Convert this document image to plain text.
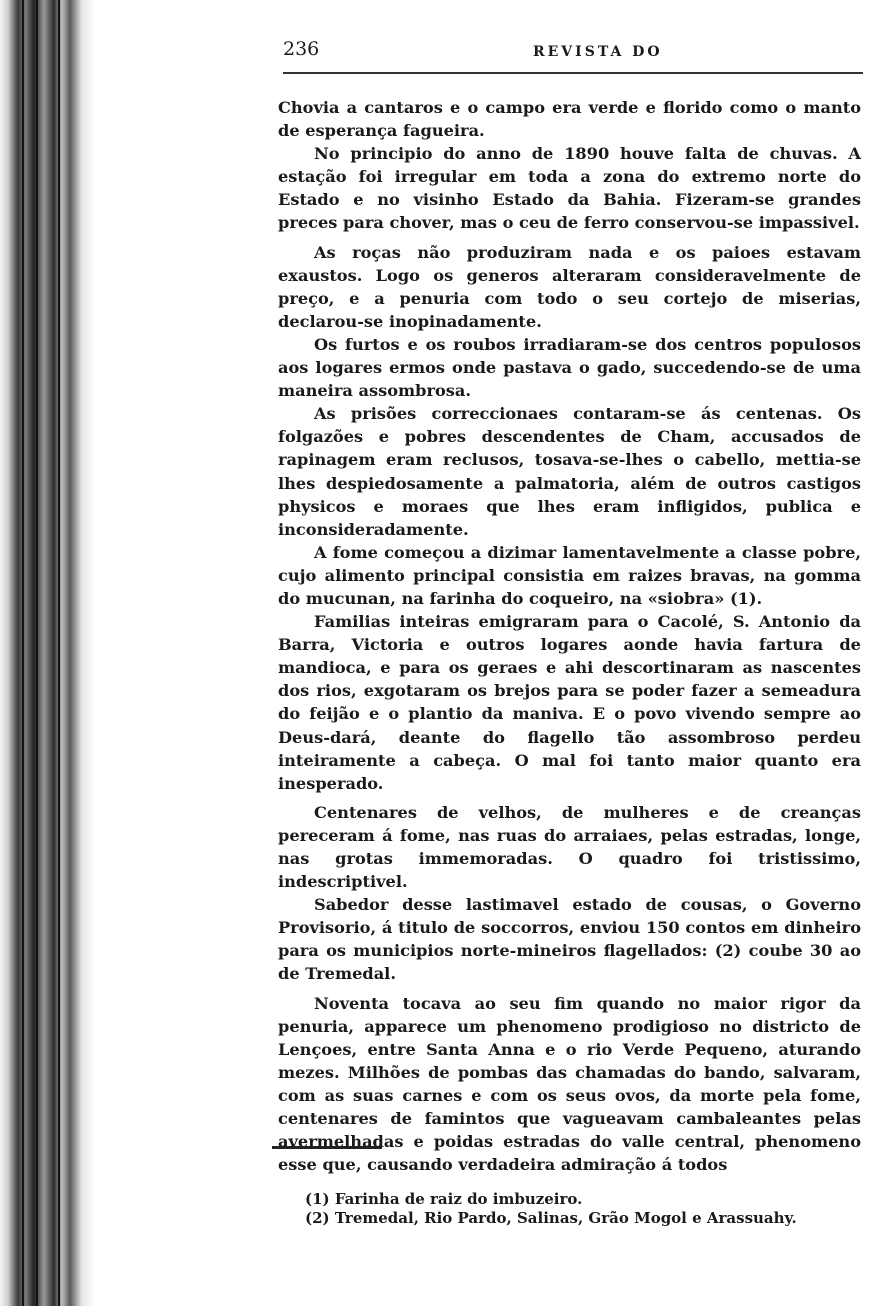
236	REVISTA DO

Chovia a cantaros e o campo era verde e florido como o manto de esperança fagueira.

No principio do anno de 1890 houve falta de chuvas. A estação foi irregular em toda a zona do extremo norte do Estado e no visinho Estado da Bahia. Fizeram-se grandes preces para chover, mas o ceu de ferro conservou-se impassivel.

As roças não produziram nada e os paioes estavam exaustos. Logo os generos alteraram consideravelmente de preço, e a penuria com todo o seu cortejo de miserias, declarou-se inopinadamente.

Os furtos e os roubos irradiaram-se dos centros populosos aos logares ermos onde pastava o gado, succedendo-se de uma maneira assombrosa.

As prisões correccionaes contaram-se ás centenas. Os folgazões e pobres descendentes de Cham, accusados de rapinagem eram reclusos, tosava-se-lhes o cabello, mettia-se lhes despiedosamente a palmatoria, além de outros castigos physicos e moraes que lhes eram infligidos, publica e inconsideradamente.

A fome começou a dizimar lamentavelmente a classe pobre, cujo alimento principal consistia em raizes bravas, na gomma do mucunan, na farinha do coqueiro, na «siobra» (1).

Familias inteiras emigraram para o Cacolé, S. Antonio da Barra, Victoria e outros logares aonde havia fartura de mandioca, e para os geraes e ahi descortinaram as nascentes dos rios, exgotaram os brejos para se poder fazer a semeadura do feijão e o plantio da maniva. E o povo vivendo sempre ao Deus-dará, deante do flagello tão assombroso perdeu inteiramente a cabeça. O mal foi tanto maior quanto era inesperado.

Centenares de velhos, de mulheres e de creanças pereceram á fome, nas ruas do arraiaes, pelas estradas, longe, nas grotas immemoradas. O quadro foi tristissimo, indescriptivel.

Sabedor desse lastimavel estado de cousas, o Governo Provisorio, á titulo de soccorros, enviou 150 contos em dinheiro para os municipios norte-mineiros flagellados: (2) coube 30 ao de Tremedal.

Noventa tocava ao seu fim quando no maior rigor da penuria, apparece um phenomeno prodigioso no districto de Lençoes, entre Santa Anna e o rio Verde Pequeno, aturando mezes. Milhões de pombas das chamadas do bando, salvaram, com as suas carnes e com os seus ovos, da morte pela fome, centenares de famintos que vagueavam cambaleantes pelas avermelhadas e poidas estradas do valle central, phenomeno esse que, causando verdadeira admiração á todos

(1) Farinha de raiz do imbuzeiro.
(2) Tremedal, Rio Pardo, Salinas, Grão Mogol e Arassuahy.
